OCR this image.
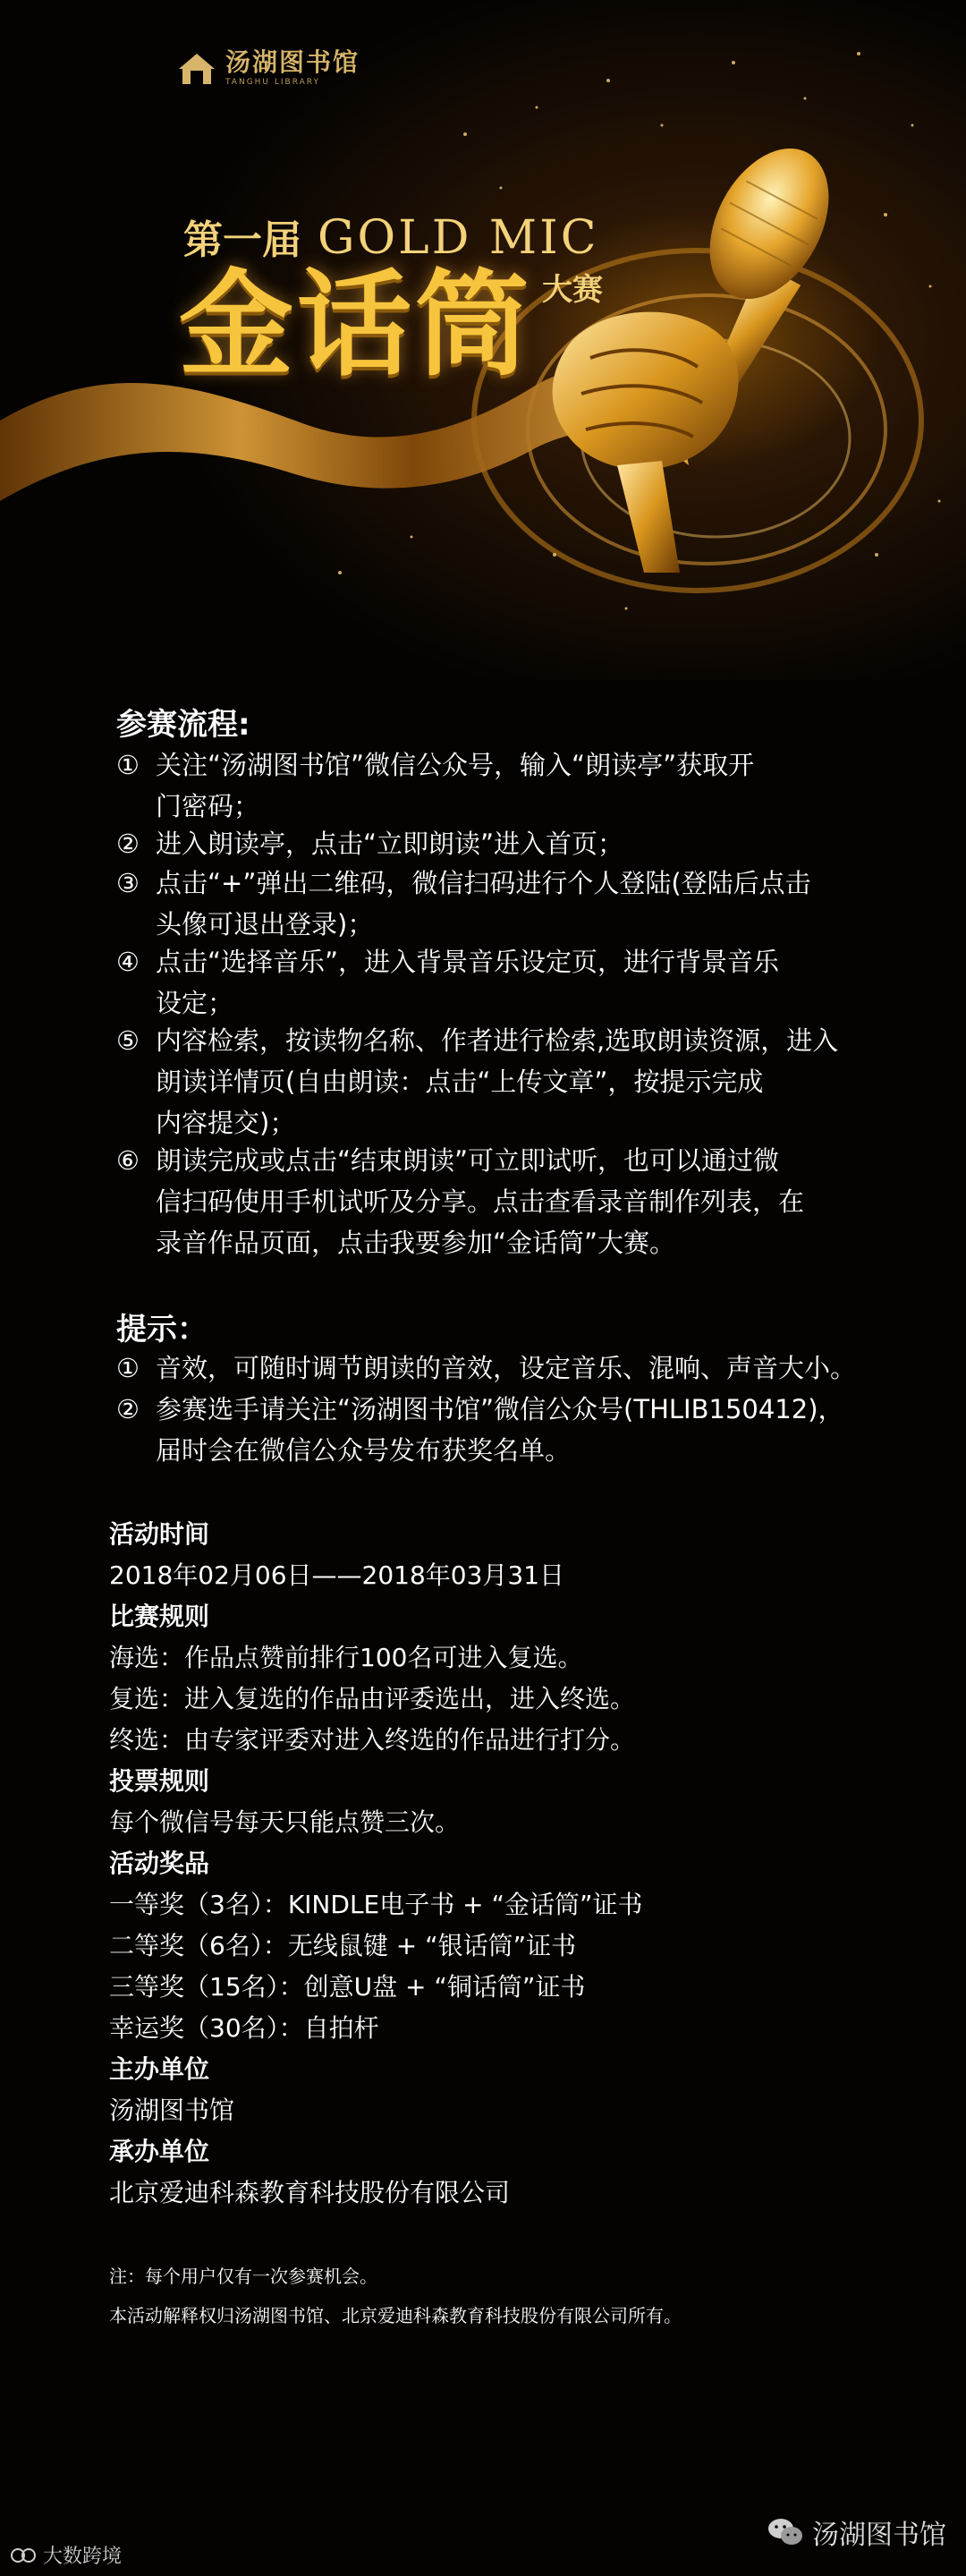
汤湖图书馆
TANGHU LIBRARY
第一届 GOLD MIC
金话筒 大赛
参赛流程:
① 关注“汤湖图书馆”微信公众号，输入“朗读亭”获取开
门密码；
② 进入朗读亭，点击“立即朗读”进入首页；
③ 点击“+”弹出二维码，微信扫码进行个人登陆(登陆后点击
头像可退出登录)；
④ 点击“选择音乐”，进入背景音乐设定页，进行背景音乐
设定；
⑤ 内容检索，按读物名称、作者进行检索,选取朗读资源，进入
朗读详情页(自由朗读：点击“上传文章”，按提示完成
内容提交)；
⑥ 朗读完成或点击“结束朗读”可立即试听，也可以通过微
信扫码使用手机试听及分享。点击查看录音制作列表，在
录音作品页面，点击我要参加“金话筒”大赛。
提示：
① 音效，可随时调节朗读的音效，设定音乐、混响、声音大小。
② 参赛选手请关注“汤湖图书馆”微信公众号(THLIB150412)，
届时会在微信公众号发布获奖名单。
活动时间
2018年02月06日——2018年03月31日
比赛规则
海选：作品点赞前排行100名可进入复选。
复选：进入复选的作品由评委选出，进入终选。
终选：由专家评委对进入终选的作品进行打分。
投票规则
每个微信号每天只能点赞三次。
活动奖品
一等奖（3名）：KINDLE电子书 + “金话筒”证书
二等奖（6名）：无线鼠键 + “银话筒”证书
三等奖（15名）：创意U盘 + “铜话筒”证书
幸运奖（30名）：自拍杆
主办单位
汤湖图书馆
承办单位
北京爱迪科森教育科技股份有限公司
注：每个用户仅有一次参赛机会。
本活动解释权归汤湖图书馆、北京爱迪科森教育科技股份有限公司所有。
汤湖图书馆
大数跨境
